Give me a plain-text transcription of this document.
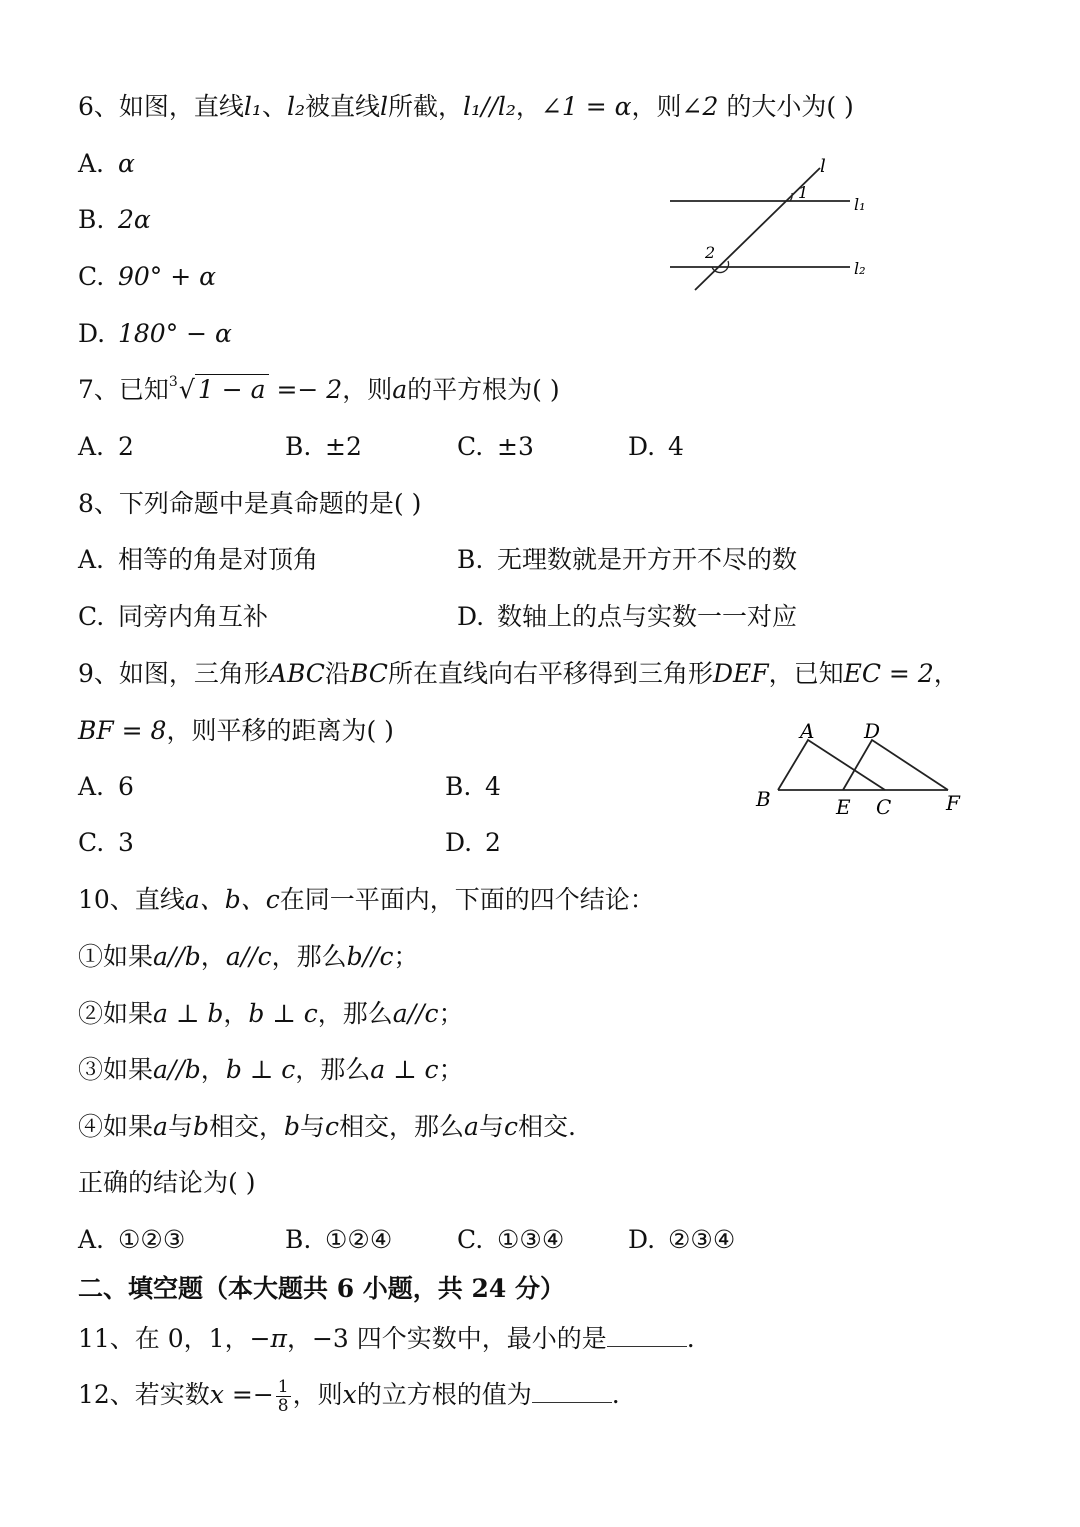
6、如图，直线l₁、l₂被直线l所截，l₁//l₂，∠1 = α，则∠2 的大小为( )
A. α
B. 2α
C. 90° + α
D. 180° − α
l
1
2
l₁
l₂
7、已知 3 √ 1 − a =− 2，则a的平方根为( )
A. 2	B. ±2	C. ±3	D. 4
8、下列命题中是真命题的是( )
A. 相等的角是对顶角	B. 无理数就是开方开不尽的数
C. 同旁内角互补	D. 数轴上的点与实数一一对应
9、如图，三角形ABC沿BC所在直线向右平移得到三角形DEF，已知EC = 2，
BF = 8，则平移的距离为( )
A. 6	B. 4
C. 3	D. 2
A D
B	E C	F
10、直线a、b、c在同一平面内，下面的四个结论：
①如果a//b，a//c，那么b//c；
②如果a ⊥ b，b ⊥ c，那么a//c；
③如果a//b，b ⊥ c，那么a ⊥ c；
④如果a与b相交，b与c相交，那么a与c相交.
正确的结论为( )
A. ①②③	B. ①②④	C. ①③④	D. ②③④
二、填空题（本大题共 6 小题，共 24 分）
11、在 0，1，−π，−3 四个实数中，最小的是	.
12、若实数$x =- \frac{1}{8}$ ，则x的立方根的值为	.
